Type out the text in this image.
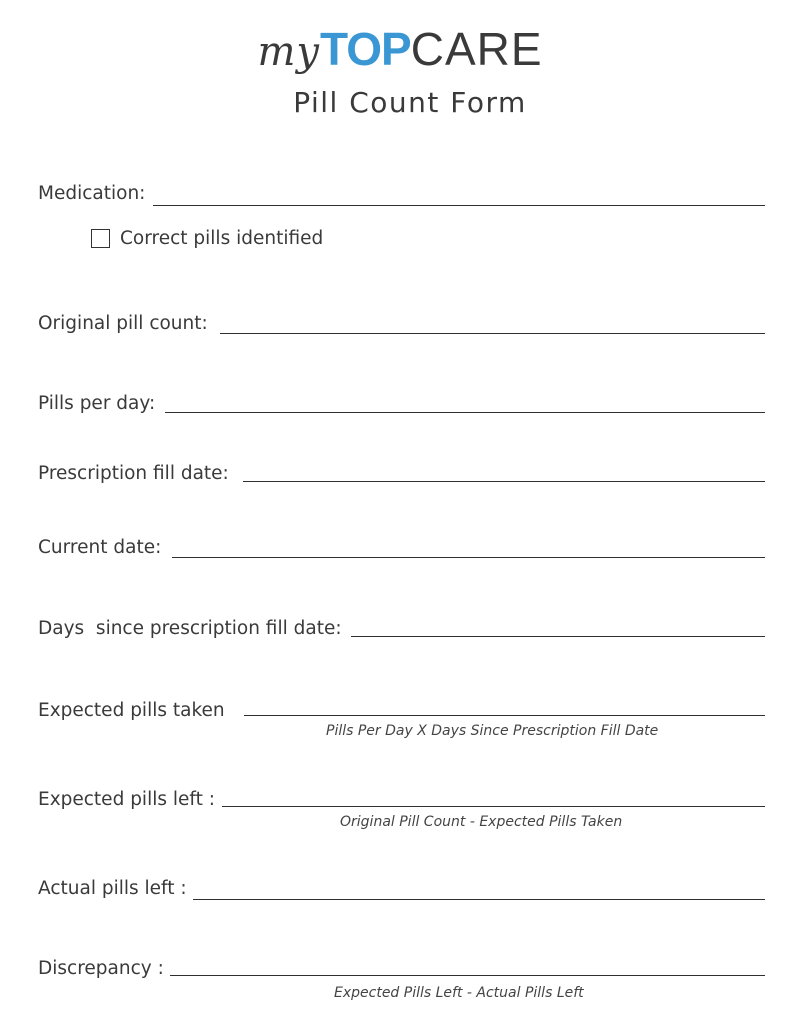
myTOPCARE
Pill Count Form
Medication:
Correct pills identified
Original pill count:
Pills per day:
Prescription fill date:
Current date:
Days  since prescription fill date:
Expected pills taken
Pills Per Day X Days Since Prescription Fill Date
Expected pills left :
Original Pill Count - Expected Pills Taken
Actual pills left :
Discrepancy :
Expected Pills Left - Actual Pills Left
